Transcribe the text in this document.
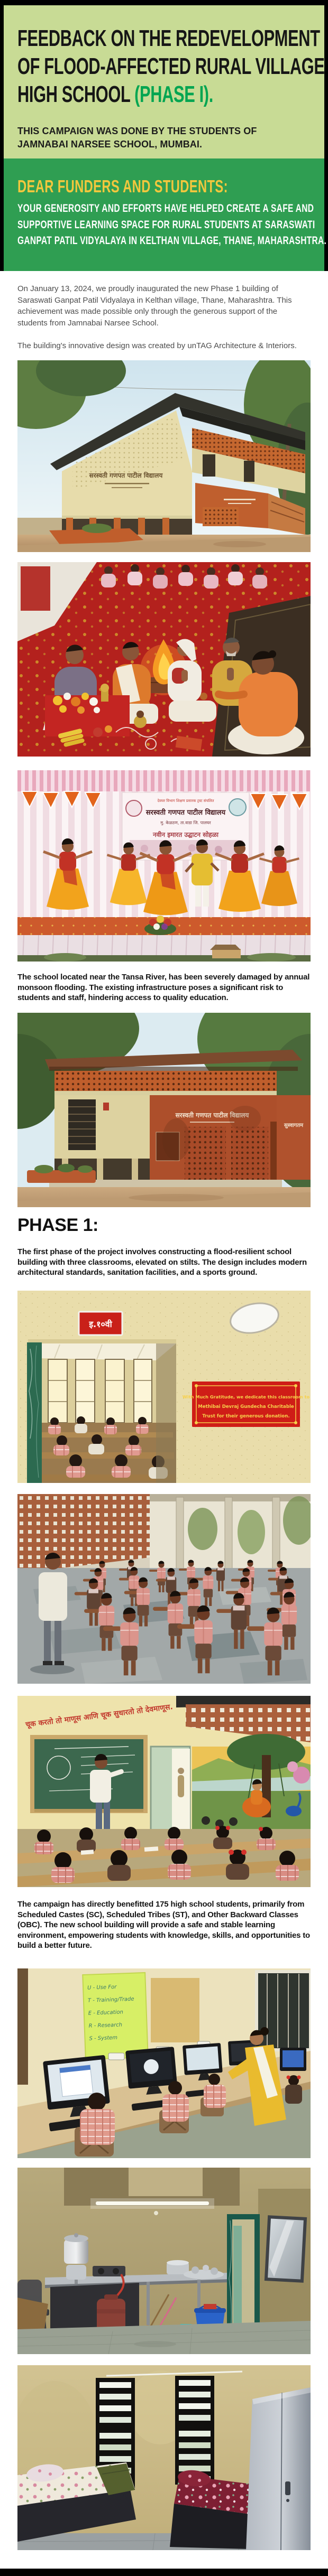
FEEDBACK ON THE REDEVELOPMENT
OF FLOOD-AFFECTED RURAL VILLAGE
HIGH SCHOOL (PHASE I).
THIS CAMPAIGN WAS DONE BY THE STUDENTS OF JAMNABAI NARSEE SCHOOL, MUMBAI.
DEAR FUNDERS AND STUDENTS:
YOUR GENEROSITY AND EFFORTS HAVE HELPED CREATE A SAFE AND
SUPPORTIVE LEARNING SPACE FOR RURAL STUDENTS AT SARASWATI
GANPAT PATIL VIDYALAYA IN KELTHAN VILLAGE, THANE, MAHARASHTRA.

On January 13, 2024, we proudly inaugurated the new Phase 1 building of Saraswati Ganpat Patil Vidyalaya in Kelthan village, Thane, Maharashtra. This achievement was made possible only through the generous support of the students from Jamnabai Narsee School.

The building's innovative design was created by unTAG Architecture & Interiors.

सरस्वती गणपत पाटील विद्यालय
देवघर विभाग शिक्षण प्रसारक ट्रस्ट संचलित
सरस्वती गणपत पाटील विद्यालय
मु. केळठण, ता.वाडा जि. पालघर
नवीन इमारत उद्घाटन सोहळा
The school located near the Tansa River, has been severely damaged by annual monsoon flooding. The existing infrastructure poses a significant risk to students and staff, hindering access to quality education.
सरस्वती गणपत पाटील विद्यालय
सुस्वागतम
PHASE 1:
The first phase of the project involves constructing a flood-resilient school building with three classrooms, elevated on stilts. The design includes modern architectural standards, sanitation facilities, and a sports ground.
इ.१०वी
With Much Gratitude, we dedicate this classroom to
Methibai Devraj Gundecha Charitable
Trust for their generous donation.
चूक करतो तो माणूस आणि चूक सुधारतो तो देवमाणूस.
The campaign has directly benefitted 175 high school students, primarily from Scheduled Castes (SC), Scheduled Tribes (ST), and Other Backward Classes (OBC). The new school building will provide a safe and stable learning environment, empowering students with knowledge, skills, and opportunities to build a better future.
U - Use For
T - Training/Trade
E - Education
R - Research
S - System
